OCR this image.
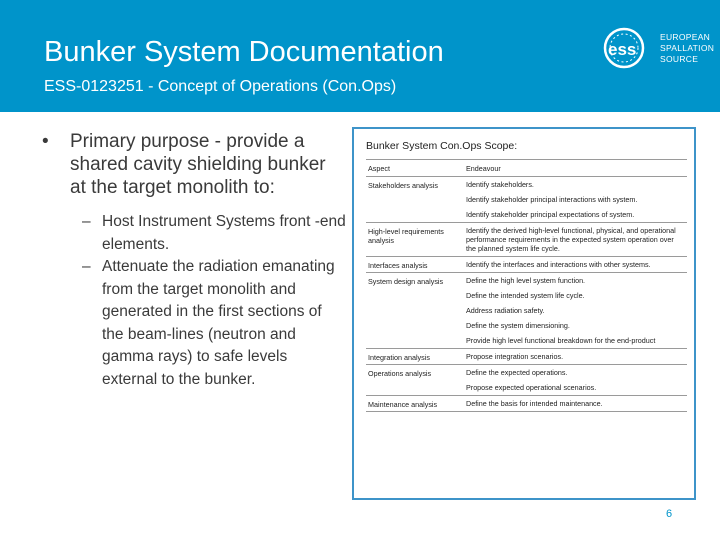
Bunker System Documentation
ESS-0123251 - Concept of Operations (Con.Ops)
ess
EUROPEAN
SPALLATION
SOURCE
• Primary purpose - provide a shared cavity shielding bunker at the target monolith to:
– Host Instrument Systems front -end elements.
– Attenuate the radiation emanating from the target monolith and generated in the first sections of the beam-lines (neutron and gamma rays) to safe levels external to the bunker.
Bunker System Con.Ops Scope:
Aspect	Endeavour
Stakeholders analysis	Identify stakeholders.
Identify stakeholder principal interactions with system.
Identify stakeholder principal expectations of system.

High-level requirements analysis	Identify the derived high-level functional, physical, and operational performance requirements in the expected system operation over the planned system life cycle.

Interfaces analysis	Identify the interfaces and interactions with other systems.

System design analysis	Define the high level system function.
Define the intended system life cycle.
Address radiation safety.
Define the system dimensioning.
Provide high level functional breakdown for the end-product

Integration analysis	Propose integration scenarios.

Operations analysis	Define the expected operations.
Propose expected operational scenarios.

Maintenance analysis	Define the basis for intended maintenance.
6
